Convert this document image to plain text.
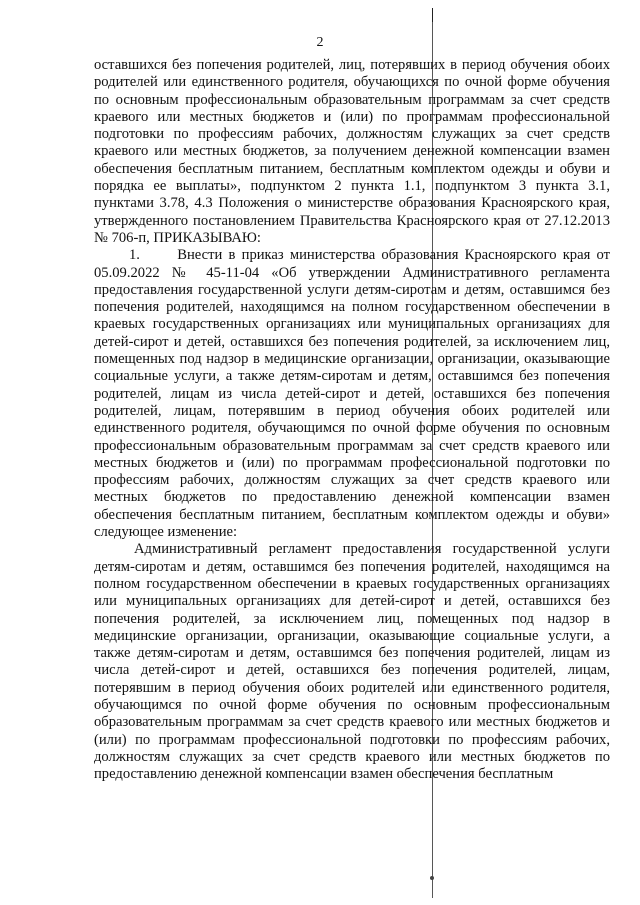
2

оставшихся без попечения родителей, лиц, потерявших в период обучения обоих родителей или единственного родителя, обучающихся по очной форме обучения по основным профессиональным образовательным программам за счет средств краевого или местных бюджетов и (или) по программам профессиональной подготовки по профессиям рабочих, должностям служащих за счет средств краевого или местных бюджетов, за получением денежной компенсации взамен обеспечения бесплатным питанием, бесплатным комплектом одежды и обуви и порядка ее выплаты», подпунктом 2 пункта 1.1, подпунктом 3 пункта 3.1, пунктами 3.78, 4.3 Положения о министерстве образования Красноярского края, утвержденного постановлением Правительства Красноярского края от 27.12.2013 № 706-п, ПРИКАЗЫВАЮ:

1.      Внести в приказ министерства образования Красноярского края от 05.09.2022 № 45-11-04 «Об утверждении Административного регламента предоставления государственной услуги детям-сиротам и детям, оставшимся без попечения родителей, находящимся на полном государственном обеспечении в краевых государственных организациях или муниципальных организациях для детей-сирот и детей, оставшихся без попечения родителей, за исключением лиц, помещенных под надзор в медицинские организации, организации, оказывающие социальные услуги, а также детям-сиротам и детям, оставшимся без попечения родителей, лицам из числа детей-сирот и детей, оставшихся без попечения родителей, лицам, потерявшим в период обучения обоих родителей или единственного родителя, обучающимся по очной форме обучения по основным профессиональным образовательным программам за счет средств краевого или местных бюджетов и (или) по программам профессиональной подготовки по профессиям рабочих, должностям служащих за счет средств краевого или местных бюджетов по предоставлению денежной компенсации взамен обеспечения бесплатным питанием, бесплатным комплектом одежды и обуви» следующее изменение:

Административный регламент предоставления государственной услуги детям-сиротам и детям, оставшимся без попечения родителей, находящимся на полном государственном обеспечении в краевых государственных организациях или муниципальных организациях для детей-сирот и детей, оставшихся без попечения родителей, за исключением лиц, помещенных под надзор в медицинские организации, организации, оказывающие социальные услуги, а также детям-сиротам и детям, оставшимся без попечения родителей, лицам из числа детей-сирот и детей, оставшихся без попечения родителей, лицам, потерявшим в период обучения обоих родителей или единственного родителя, обучающимся по очной форме обучения по основным профессиональным образовательным программам за счет средств краевого или местных бюджетов и (или) по программам профессиональной подготовки по профессиям рабочих, должностям служащих за счет средств краевого или местных бюджетов по предоставлению денежной компенсации взамен обеспечения бесплатным
